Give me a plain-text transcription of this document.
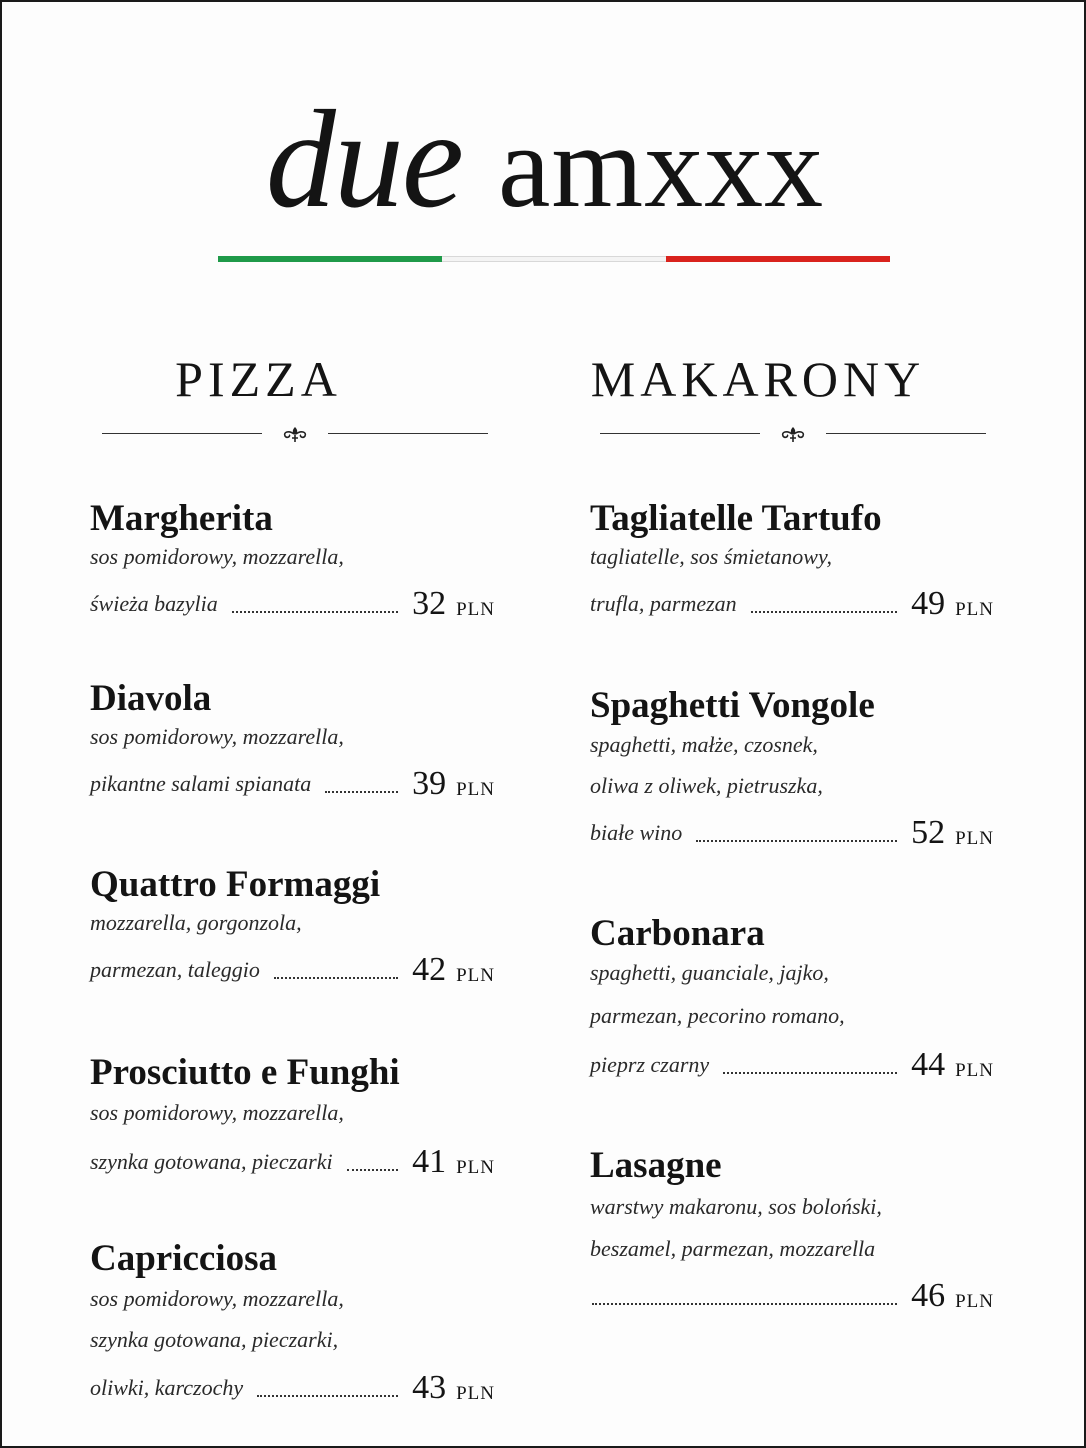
due amxxx
PIZZA
Margherita
sos pomidorowy, mozzarella,
świeża bazylia	32 PLN
Diavola
sos pomidorowy, mozzarella,
pikantne salami spianata	39 PLN
Quattro Formaggi
mozzarella, gorgonzola,
parmezan, taleggio	42 PLN
Prosciutto e Funghi
sos pomidorowy, mozzarella,
szynka gotowana, pieczarki 41 PLN
Capricciosa
sos pomidorowy, mozzarella,
szynka gotowana, pieczarki,
oliwki, karczochy	43 PLN
MAKARONY
Tagliatelle Tartufo
tagliatelle, sos śmietanowy,
trufla, parmezan	49 PLN
Spaghetti Vongole
spaghetti, małże, czosnek,
oliwa z oliwek, pietruszka,
białe wino	52 PLN
Carbonara
spaghetti, guanciale, jajko,
parmezan, pecorino romano,
pieprz czarny	44 PLN
Lasagne
warstwy makaronu, sos boloński,
beszamel, parmezan, mozzarella
46 PLN
